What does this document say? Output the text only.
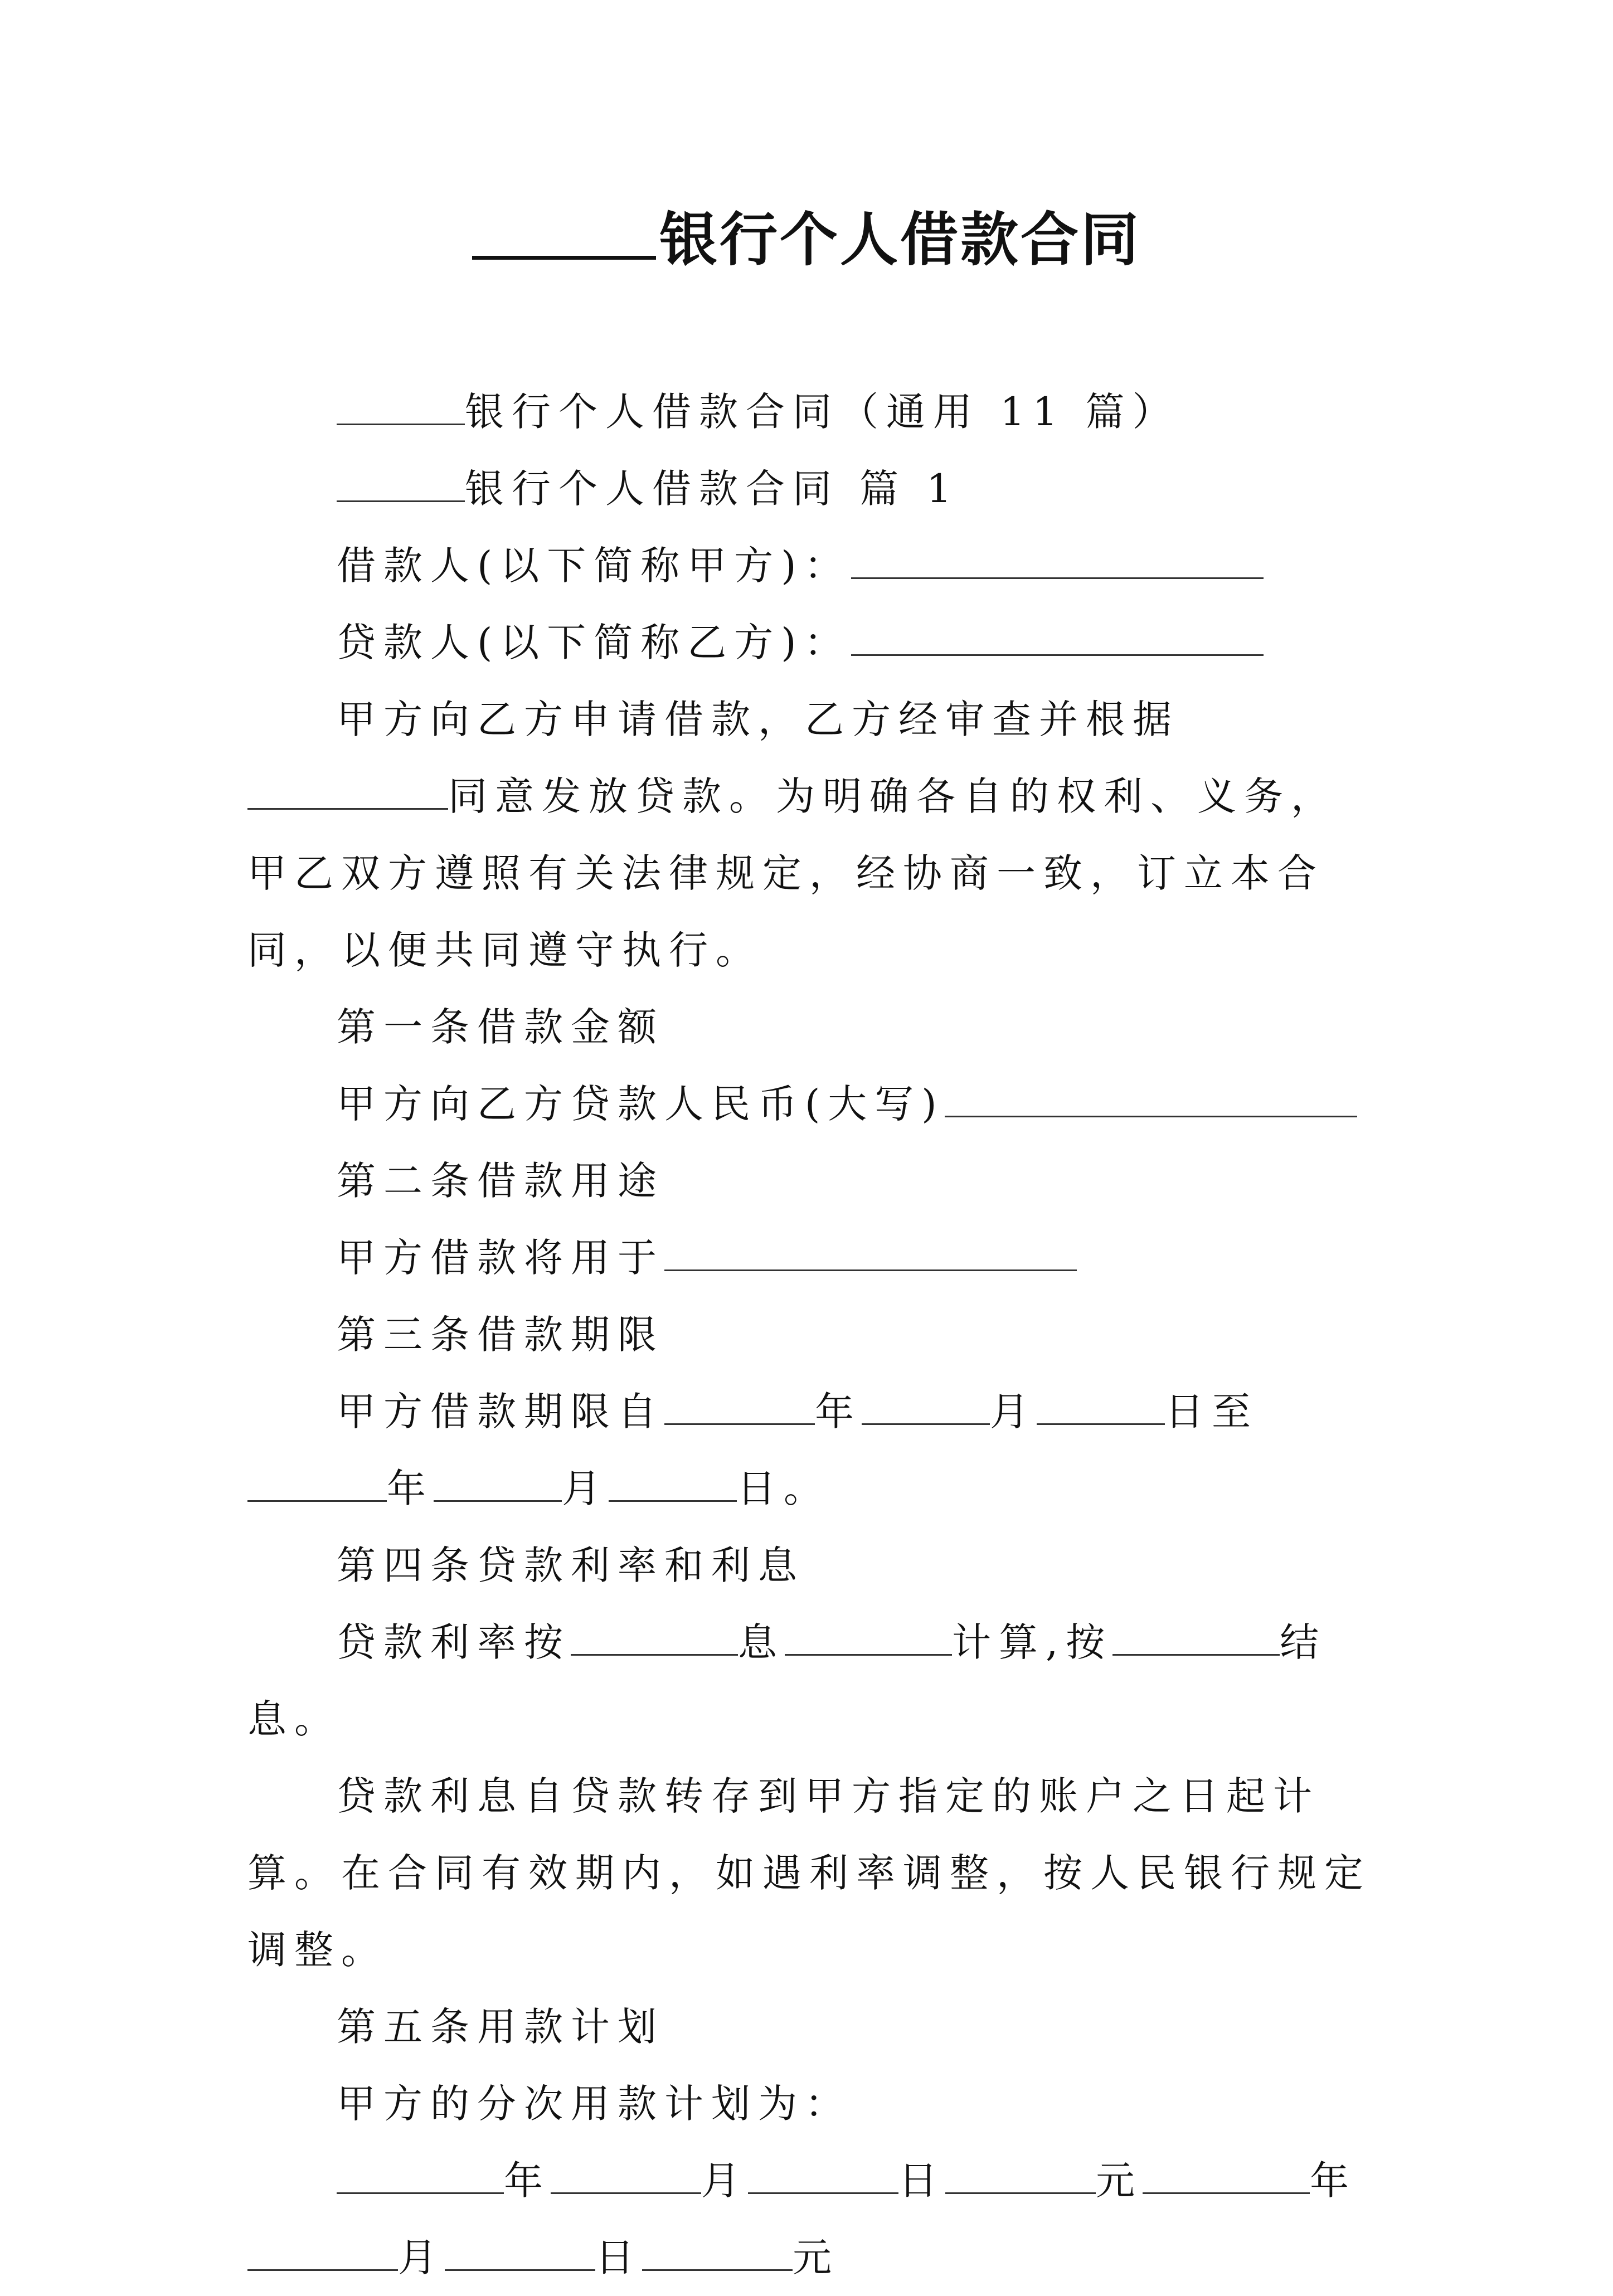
银行个人借款合同

银行个人借款合同（通用 11 篇）

银行个人借款合同 篇 1

借款人(以下简称甲方)：

贷款人(以下简称乙方)：

甲方向乙方申请借款，乙方经审查并根据同意发放贷款。为明确各自的权利、义务，甲乙双方遵照有关法律规定，经协商一致，订立本合同，以便共同遵守执行。

第一条借款金额

甲方向乙方贷款人民币(大写)

第二条借款用途

甲方借款将用于

第三条借款期限

甲方借款期限自	年	月	日至年	月	日。

第四条贷款利率和利息

贷款利率按	息	计算,按	结息。

贷款利息自贷款转存到甲方指定的账户之日起计算。在合同有效期内，如遇利率调整，按人民银行规定调整。

第五条用款计划

甲方的分次用款计划为：

年	月	日	元	年月	日	元
